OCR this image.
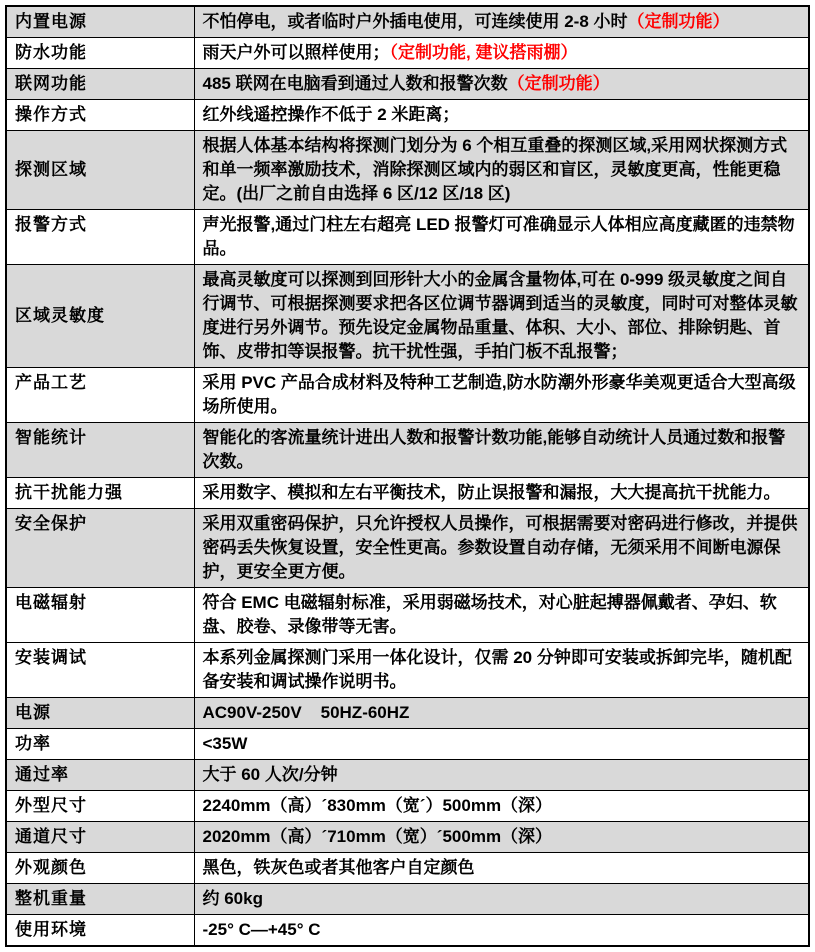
内置电源	不怕停电，或者临时户外插电使用，可连续使用 2-8 小时（定制功能）
防水功能	雨天户外可以照样使用；（定制功能, 建议搭雨棚）
联网功能	485 联网在电脑看到通过人数和报警次数（定制功能）
操作方式	红外线遥控操作不低于 2 米距离；
探测区域	根据人体基本结构将探测门划分为 6 个相互重叠的探测区域,采用网状探测方式和单一频率激励技术，消除探测区域内的弱区和盲区，灵敏度更高，性能更稳定。(出厂之前自由选择 6 区/12 区/18 区)
报警方式	声光报警,通过门柱左右超亮 LED 报警灯可准确显示人体相应高度藏匿的违禁物品。
区域灵敏度	最高灵敏度可以探测到回形针大小的金属含量物体,可在 0-999 级灵敏度之间自行调节、可根据探测要求把各区位调节器调到适当的灵敏度，同时可对整体灵敏度进行另外调节。预先设定金属物品重量、体积、大小、部位、排除钥匙、首饰、皮带扣等误报警。抗干扰性强，手拍门板不乱报警；
产品工艺	采用 PVC 产品合成材料及特种工艺制造,防水防潮外形豪华美观更适合大型高级场所使用。
智能统计	智能化的客流量统计进出人数和报警计数功能,能够自动统计人员通过数和报警次数。
抗干扰能力强	采用数字、模拟和左右平衡技术，防止误报警和漏报，大大提高抗干扰能力。
安全保护	采用双重密码保护，只允许授权人员操作，可根据需要对密码进行修改，并提供密码丢失恢复设置，安全性更高。参数设置自动存储，无须采用不间断电源保护，更安全更方便。
电磁辐射	符合 EMC 电磁辐射标准，采用弱磁场技术，对心脏起搏器佩戴者、孕妇、软盘、胶卷、录像带等无害。
安装调试	本系列金属探测门采用一体化设计，仅需 20 分钟即可安装或拆卸完毕，随机配备安装和调试操作说明书。
电源	AC90V-250V    50HZ-60HZ
功率	<35W
通过率	大于 60 人次/分钟
外型尺寸	2240mm（高）´830mm（宽´）500mm（深）
通道尺寸	2020mm（高）´710mm（宽）´500mm（深）
外观颜色	黑色，铁灰色或者其他客户自定颜色
整机重量	约 60kg
使用环境	-25° C—+45° C
